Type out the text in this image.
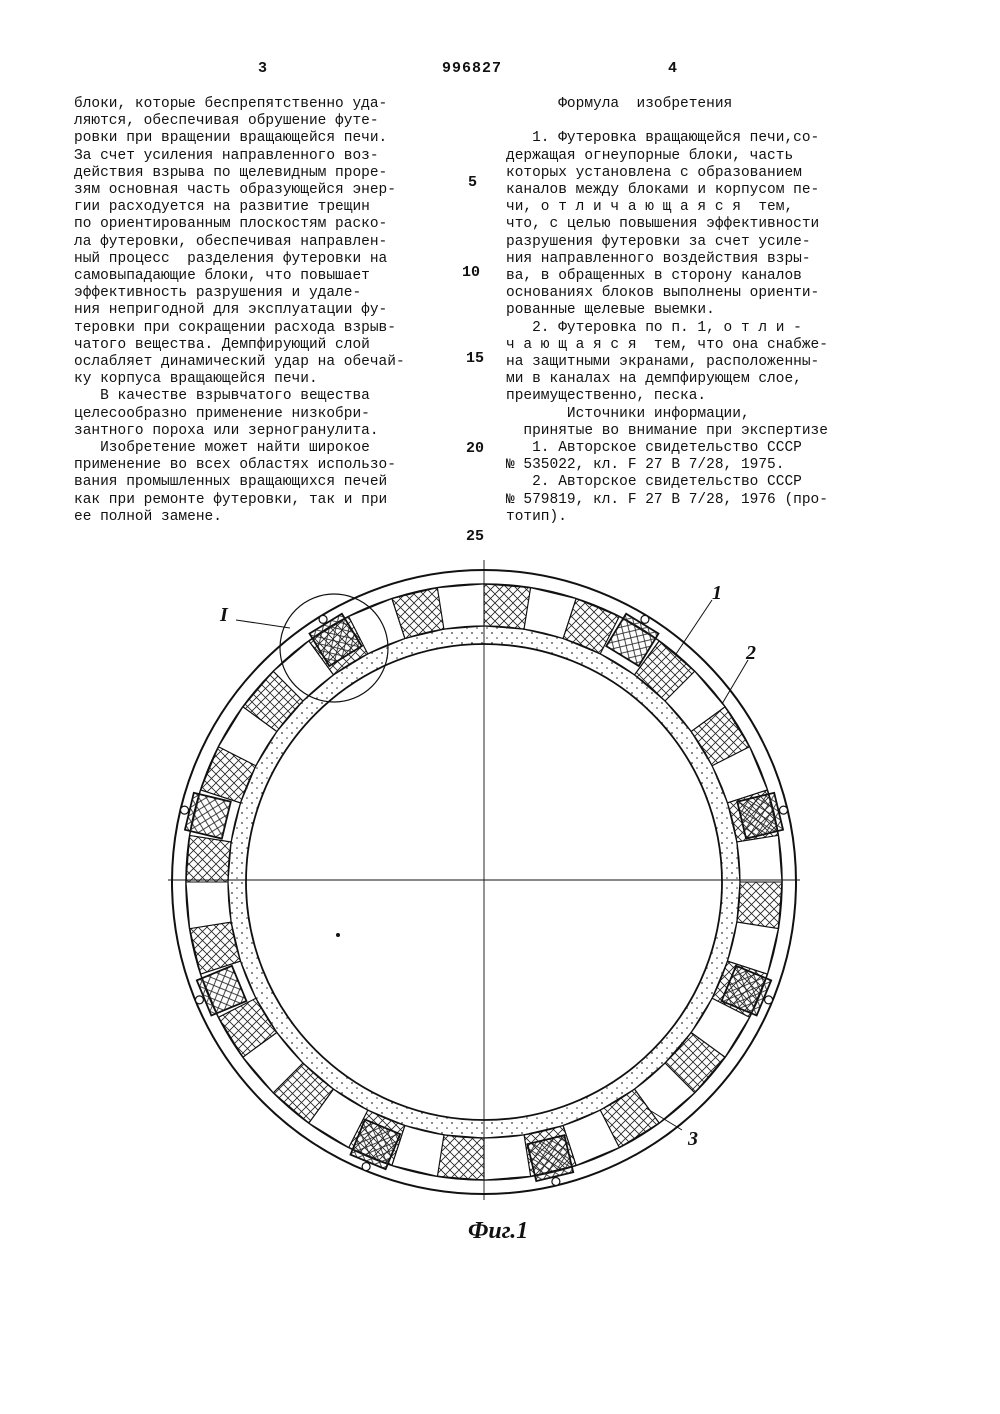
3	996827	4
блоки, которые беспрепятственно уда-
ляются, обеспечивая обрушение футе-
ровки при вращении вращающейся печи.
За счет усиления направленного воз-
действия взрыва по щелевидным проре-
зям основная часть образующейся энер-
гии расходуется на развитие трещин
по ориентированным плоскостям раско-
ла футеровки, обеспечивая направлен-
ный процесс  разделения футеровки на
самовыпадающие блоки, что повышает
эффективность разрушения и удале-
ния непригодной для эксплуатации фу-
теровки при сокращении расхода взрыв-
чатого вещества. Демпфирующий слой
ослабляет динамический удар на обечай-
ку корпуса вращающейся печи.
В качестве взрывчатого вещества
целесообразно применение низкобри-
зантного пороха или зерногранулита.
Изобретение может найти широкое
применение во всех областях использо-
вания промышленных вращающихся печей
как при ремонте футеровки, так и при
ее полной замене.
Формула  изобретения

1. Футеровка вращающейся печи,со-
держащая огнеупорные блоки, часть
которых установлена с образованием
каналов между блоками и корпусом пе-
чи, о т л и ч а ю щ а я с я  тем,
что, с целью повышения эффективности
разрушения футеровки за счет усиле-
ния направленного воздействия взры-
ва, в обращенных в сторону каналов
основаниях блоков выполнены ориенти-
рованные щелевые выемки.
2. Футеровка по п. 1, о т л и -
ч а ю щ а я с я  тем, что она снабже-
на защитными экранами, расположенны-
ми в каналах на демпфирующем слое,
преимущественно, песка.
Источники информации,
принятые во внимание при экспертизе
1. Авторское свидетельство СССР
№ 535022, кл. F 27 B 7/28, 1975.
2. Авторское свидетельство СССР
№ 579819, кл. F 27 B 7/28, 1976 (про-
тотип).
5
10
15
20
25
I
1
2
3
Фиг.1
